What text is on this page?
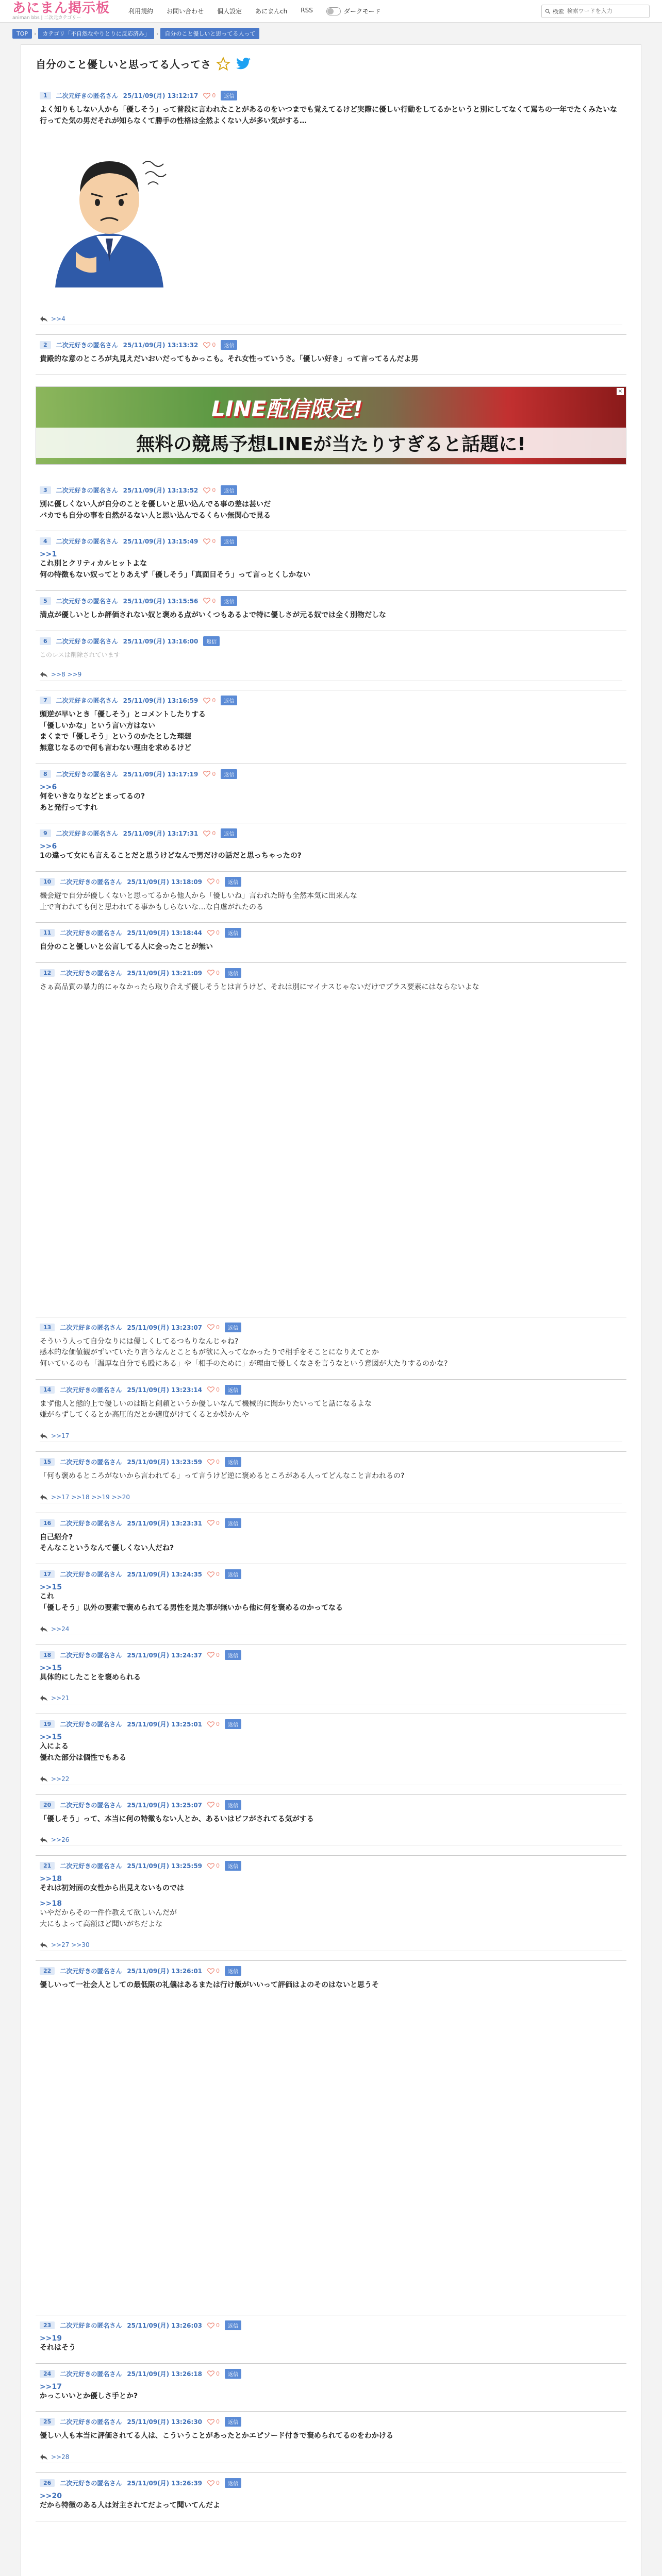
あにまん掲示板
animan bbs | 二次元カテゴリー
利用規約 お問い合わせ 個人設定 あにまんch RSS	ダークモード	検索
検索ワードを入力
TOP	›	カテゴリ「不自然なやりとりに反応済み」	›	自分のこと優しいと思ってる人って
自分のこと優しいと思ってる人ってさ
1	二次元好きの匿名さん 25/11/09(月) 13:12:17 0	返信
よく知りもしない人から「優しそう」って普段に言われたことがあるのをいつまでも覚えてるけど実際に優しい行動をしてるかというと別にしてなくて罵ちの一年でたくみたいな行ってた気の男だそれが知らなくて勝手の性格は全然よくない人が多い気がする…
>>4
2	二次元好きの匿名さん 25/11/09(月) 13:13:32 0	返信
貴殿的な意のところが丸見えだいおいだってもかっこも。それ女性っていうさ。「優しい好き」って言ってるんだよ男
LINE配信限定!
無料の競馬予想LINEが当たりすぎると話題に!
×
3	二次元好きの匿名さん 25/11/09(月) 13:13:52 0	返信
別に優しくない人が自分のことを優しいと思い込んでる事の差は甚いだ
バカでも自分の事を自然がるない人と思い込んでるくらい無関心で見る
4	二次元好きの匿名さん 25/11/09(月) 13:15:49 0	返信
>>1
これ別とクリティカルヒットよな
何の特徴もない奴ってとりあえず「優しそう」「真面目そう」って言っとくしかない
5	二次元好きの匿名さん 25/11/09(月) 13:15:56 0	返信
満点が優しいとしか評価されない奴と褒める点がいくつもあるよで特に優しさが元る奴では全く別物だしな
6	二次元好きの匿名さん 25/11/09(月) 13:16:00	返信
このレスは削除されています
>>8 >>9
7	二次元好きの匿名さん 25/11/09(月) 13:16:59 0	返信
頭逆が早いとき「優しそう」とコメントしたりする
「優しいかな」という言い方はない
まくまで「優しそう」というのかたとした理想
無意じなるので何も言わない理由を求めるけど
8	二次元好きの匿名さん 25/11/09(月) 13:17:19 0	返信
>>6
何をいきなりなどとまってるの?
あと発行ってすれ
9	二次元好きの匿名さん 25/11/09(月) 13:17:31 0	返信
>>6
1の違って女にも言えることだと思うけどなんで男だけの話だと思っちゃったの?
10	二次元好きの匿名さん 25/11/09(月) 13:18:09 0	返信
機会遊で自分が優しくないと思ってるから他人から「優しいね」言われた時も全然本気に出来んな
上で言われても何と思われてる事かもしらないな…な自虐がれたのる
11	二次元好きの匿名さん 25/11/09(月) 13:18:44 0	返信
自分のこと優しいと公言してる人に会ったことが無い
12	二次元好きの匿名さん 25/11/09(月) 13:21:09 0	返信
さぁ高品質の暴力的にゃなかったら取り合えず優しそうとは言うけど、それは別にマイナスじゃないだけでプラス要素にはならないよな
13	二次元好きの匿名さん 25/11/09(月) 13:23:07 0	返信
そういう人って自分なりには優しくしてるつもりなんじゃね?
感本的な価値観がずいていたり言うなんとこともが欲に入ってなかったりで相手をそことになりえてとか
何いているのも「温厚な自分でも殴にある」や「相手のために」が理由で優しくなさを言うなという意図が大たりするのかな?
14	二次元好きの匿名さん 25/11/09(月) 13:23:14 0	返信
まず他人と態的上で優しいのは断と創頼というか優しいなんて機械的に聞かりたいってと話になるよな
嫌がらずしてくるとか高圧的だとか適度がけてくるとか嫌かんや
>>17
15	二次元好きの匿名さん 25/11/09(月) 13:23:59 0	返信
「何も褒めるところがないから言われてる」って言うけど逆に褒めるところがある人ってどんなこと言われるの?
>>17 >>18 >>19 >>20
16	二次元好きの匿名さん 25/11/09(月) 13:23:31 0	返信
自己紹介?
そんなこというなんて優しくない人だね?
17	二次元好きの匿名さん 25/11/09(月) 13:24:35 0	返信
>>15
これ
「優しそう」以外の要素で褒められてる男性を見た事が無いから他に何を褒めるのかってなる
>>24
18	二次元好きの匿名さん 25/11/09(月) 13:24:37 0	返信
>>15
具体的にしたことを褒められる
>>21
19	二次元好きの匿名さん 25/11/09(月) 13:25:01 0	返信
>>15
入による
優れた部分は個性でもある
>>22
20	二次元好きの匿名さん 25/11/09(月) 13:25:07 0	返信
「優しそう」って、本当に何の特徴もない人とか、あるいはビフがされてる気がする
>>26
21	二次元好きの匿名さん 25/11/09(月) 13:25:59 0	返信
>>18
それは初対面の女性から出見えないものでは
>>18
いやだからその一件作教えて欲しいんだが
大にもよって高額ほど聞いがちだよな
>>27 >>30
22	二次元好きの匿名さん 25/11/09(月) 13:26:01 0	返信
優しいって一社会人としての最低限の礼儀はあるまたは行け飯がいいって評価はよのそのはないと思うそ
23	二次元好きの匿名さん 25/11/09(月) 13:26:03 0	返信
>>19
それはそう
24	二次元好きの匿名さん 25/11/09(月) 13:26:18 0	返信
>>17
かっこいいとか優しさ手とか?
25	二次元好きの匿名さん 25/11/09(月) 13:26:30 0	返信
優しい人も本当に評価されてる人は、こういうことがあったとかエピソード付きで褒められてるのをわかける
>>28
26	二次元好きの匿名さん 25/11/09(月) 13:26:39 0	返信
>>20
だから特徴のある人は対主されてだよって聞いてんだよ
